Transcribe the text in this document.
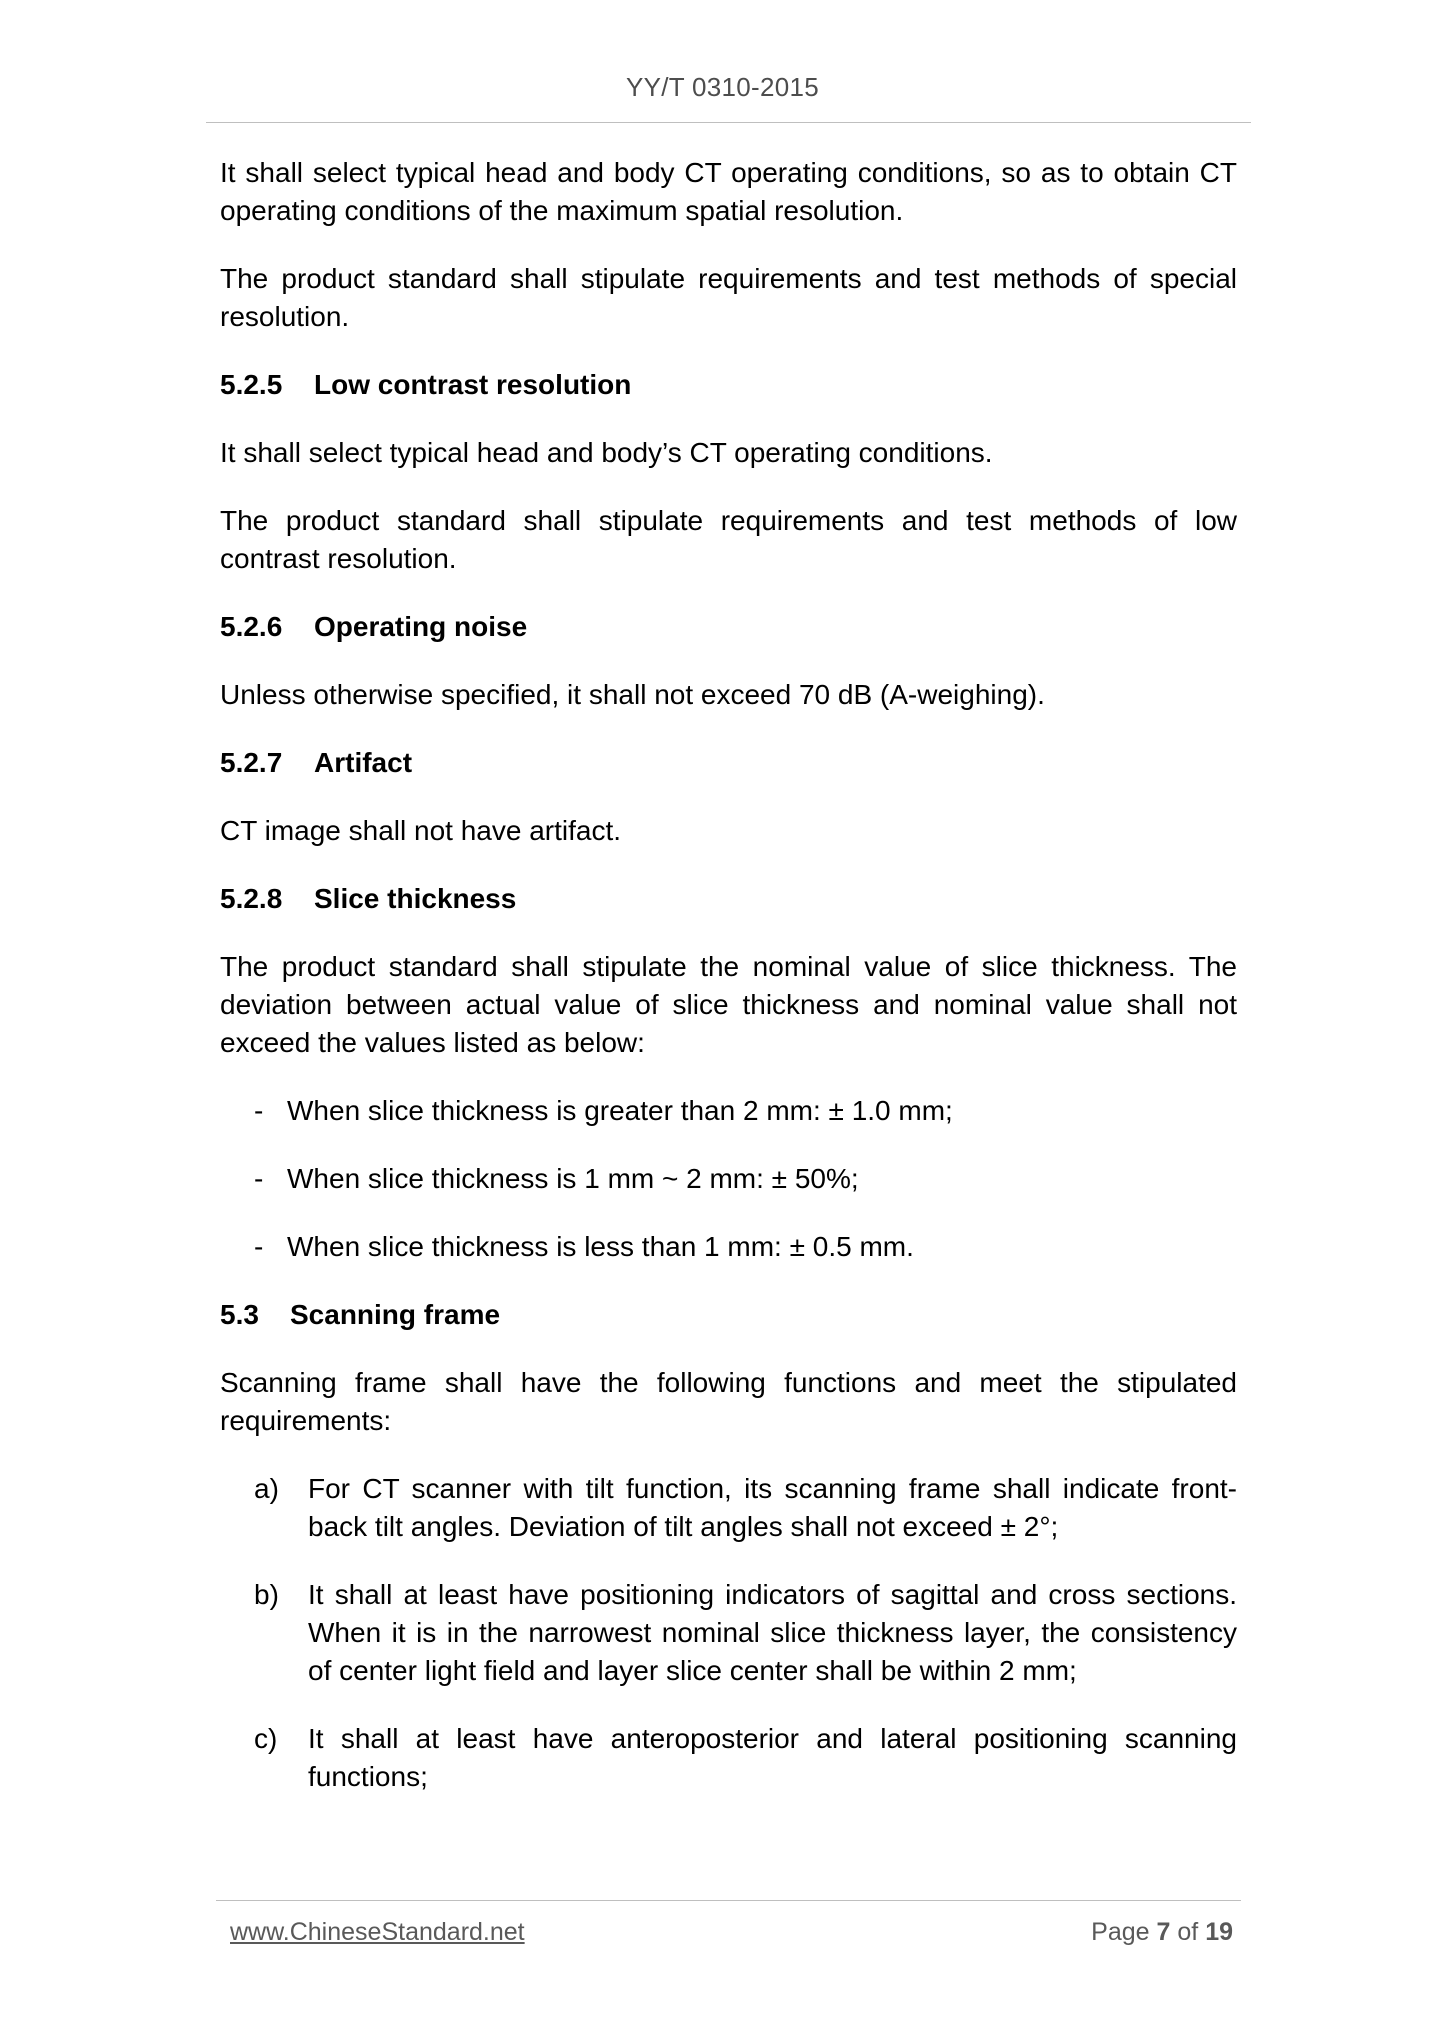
YY/T 0310-2015

It shall select typical head and body CT operating conditions, so as to obtain CT operating conditions of the maximum spatial resolution.

The product standard shall stipulate requirements and test methods of special resolution.

5.2.5	Low contrast resolution

It shall select typical head and body’s CT operating conditions.

The product standard shall stipulate requirements and test methods of low contrast resolution.

5.2.6	Operating noise

Unless otherwise specified, it shall not exceed 70 dB (A-weighing).

5.2.7	Artifact

CT image shall not have artifact.

5.2.8	Slice thickness

The product standard shall stipulate the nominal value of slice thickness. The deviation between actual value of slice thickness and nominal value shall not exceed the values listed as below:

- When slice thickness is greater than 2 mm: ± 1.0 mm;
- When slice thickness is 1 mm ~ 2 mm: ± 50%;
- When slice thickness is less than 1 mm: ± 0.5 mm.
5.3	Scanning frame

Scanning frame shall have the following functions and meet the stipulated requirements:

a)	For CT scanner with tilt function, its scanning frame shall indicate front-back tilt angles. Deviation of tilt angles shall not exceed ± 2°;
b)	It shall at least have positioning indicators of sagittal and cross sections. When it is in the narrowest nominal slice thickness layer, the consistency of center light field and layer slice center shall be within 2 mm;
c)	It shall at least have anteroposterior and lateral positioning scanning functions;
www.ChineseStandard.net	Page 7 of 19
